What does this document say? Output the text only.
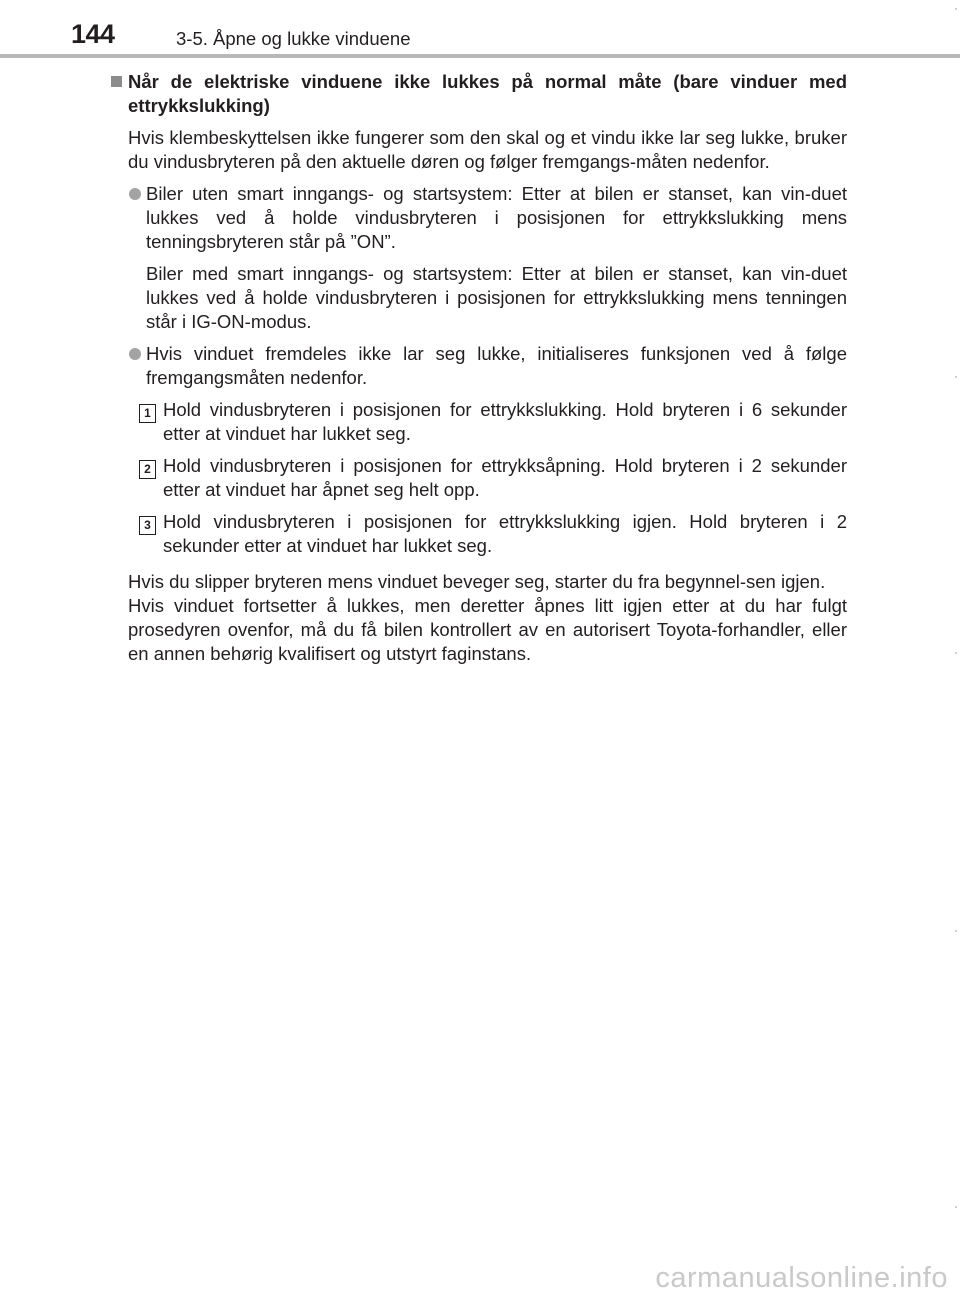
144	3-5. Åpne og lukke vinduene
Når de elektriske vinduene ikke lukkes på normal måte (bare vinduer med ettrykkslukking)

Hvis klembeskyttelsen ikke fungerer som den skal og et vindu ikke lar seg lukke, bruker du vindusbryteren på den aktuelle døren og følger fremgangs-måten nedenfor.

Biler uten smart inngangs- og startsystem: Etter at bilen er stanset, kan vin-duet lukkes ved å holde vindusbryteren i posisjonen for ettrykkslukking mens tenningsbryteren står på ”ON”.

Biler med smart inngangs- og startsystem: Etter at bilen er stanset, kan vin-duet lukkes ved å holde vindusbryteren i posisjonen for ettrykkslukking mens tenningen står i IG-ON-modus.

Hvis vinduet fremdeles ikke lar seg lukke, initialiseres funksjonen ved å følge fremgangsmåten nedenfor.
1 Hold vindusbryteren i posisjonen for ettrykkslukking. Hold bryteren i 6 sekunder etter at vinduet har lukket seg.
2 Hold vindusbryteren i posisjonen for ettrykksåpning. Hold bryteren i 2 sekunder etter at vinduet har åpnet seg helt opp.
3 Hold vindusbryteren i posisjonen for ettrykkslukking igjen. Hold bryteren i 2 sekunder etter at vinduet har lukket seg.

Hvis du slipper bryteren mens vinduet beveger seg, starter du fra begynnel-sen igjen.

Hvis vinduet fortsetter å lukkes, men deretter åpnes litt igjen etter at du har fulgt prosedyren ovenfor, må du få bilen kontrollert av en autorisert Toyota-forhandler, eller en annen behørig kvalifisert og utstyrt faginstans.

carmanualsonline.info
